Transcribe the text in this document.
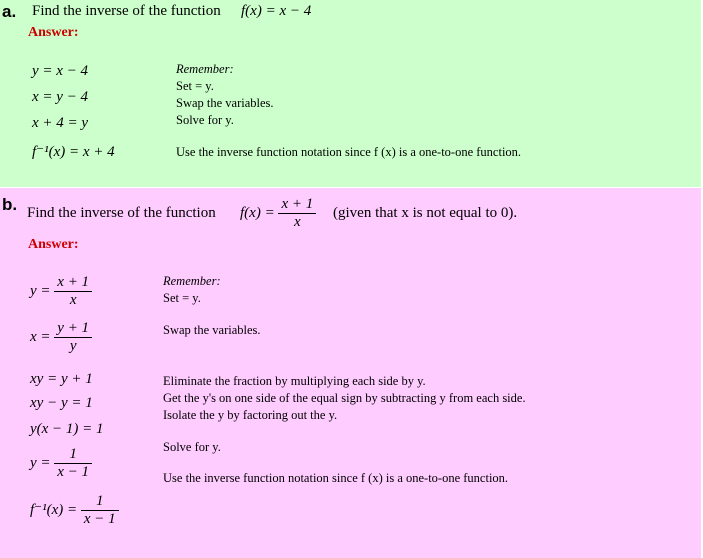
a. Find the inverse of the function f(x) = x − 4
Answer:
y = x − 4
x = y − 4
x + 4 = y
f⁻¹(x) = x + 4
Remember:
Set = y.
Swap the variables.
Solve for y.
Use the inverse function notation since f (x) is a one-to-one function.
b. Find the inverse of the function $f(x) = \frac{x + 1}{x}$ (given that x is not equal to 0).
Answer:
$y = \frac{x + 1}{x}$
$x = \frac{y + 1}{y}$
xy = y + 1
xy − y = 1
y(x − 1) = 1
$y = \frac{1}{x - 1}$
$f^{-1}(x) = \frac{1}{x - 1}$
Remember:
Set = y.
Swap the variables.
Eliminate the fraction by multiplying each side by y.
Get the y's on one side of the equal sign by subtracting y from each side.
Isolate the y by factoring out the y.
Solve for y.
Use the inverse function notation since f (x) is a one-to-one function.
